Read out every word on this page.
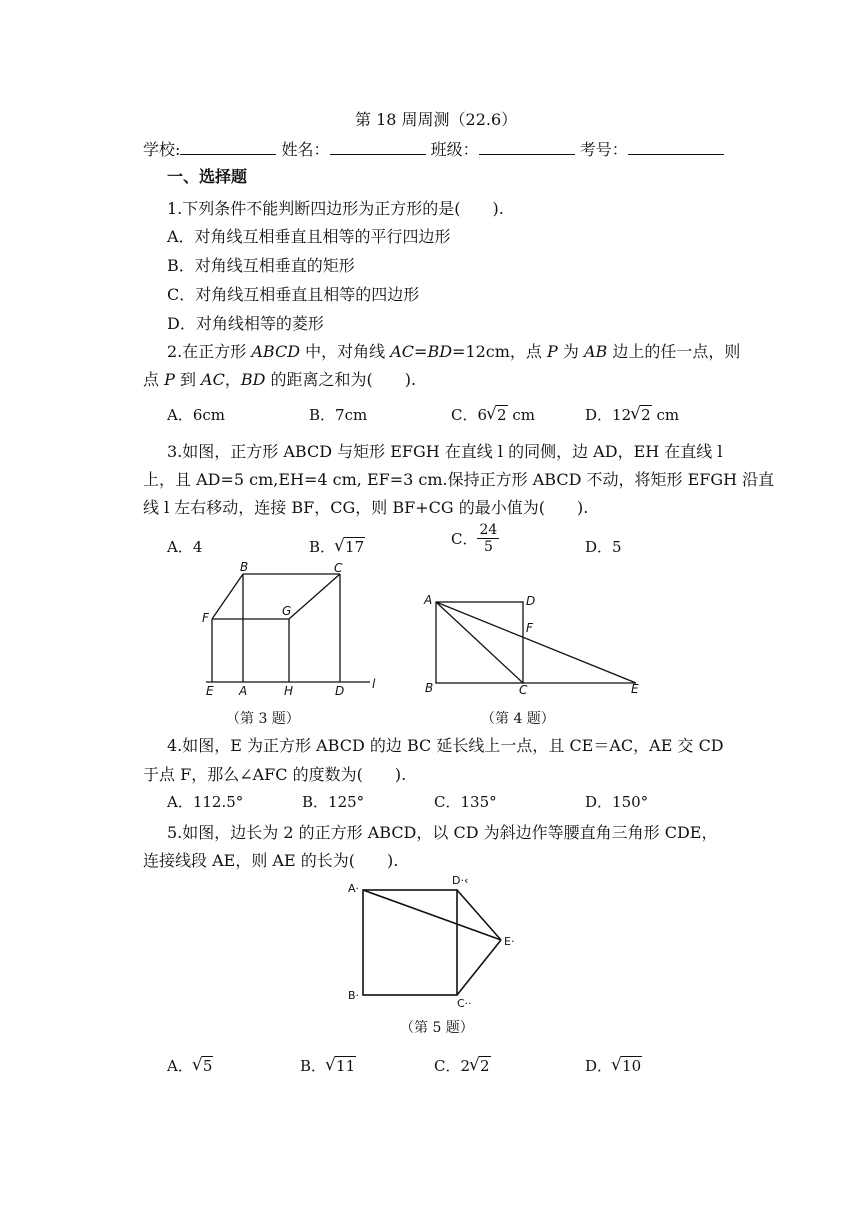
第 18 周周测（22.6）
学校:	姓名：	班级：	考号：
一、选择题
1.下列条件不能判断四边形为正方形的是(　　).
A．对角线互相垂直且相等的平行四边形
B．对角线互相垂直的矩形
C．对角线互相垂直且相等的四边形
D．对角线相等的菱形
2.在正方形 ABCD 中，对角线 AC=BD=12cm，点 P 为 AB 边上的任一点，则
点 P 到 AC，BD 的距离之和为(　　).
A．6cm	B．7cm	C．6 √ 2 cm	D．12 √ 2 cm
3.如图，正方形 ABCD 与矩形 EFGH 在直线 l 的同侧，边 AD，EH 在直线 l
上，且 AD=5 cm,EH=4 cm, EF=3 cm.保持正方形 ABCD 不动，将矩形 EFGH 沿直
线 l 左右移动，连接 BF，CG，则 BF+CG 的最小值为(　　).
A．4	B． √ 17	C． $\frac{24}{5}$	D．5
B	C
F	G
E A	H	D l
（第 3 题）
A	D
F
B	C	E
（第 4 题）
4.如图，E 为正方形 ABCD 的边 BC 延长线上一点，且 CE＝AC，AE 交 CD
于点 F，那么∠AFC 的度数为(　　).
A．112.5°	B．125°	C．135°	D．150°
5.如图，边长为 2 的正方形 ABCD，以 CD 为斜边作等腰直角三角形 CDE，
连接线段 AE，则 AE 的长为(　　).
A·
D·‹
E·
B·
C··
（第 5 题）
A． √ 5	B． √ 11	C．2 √ 2	D． √ 10
